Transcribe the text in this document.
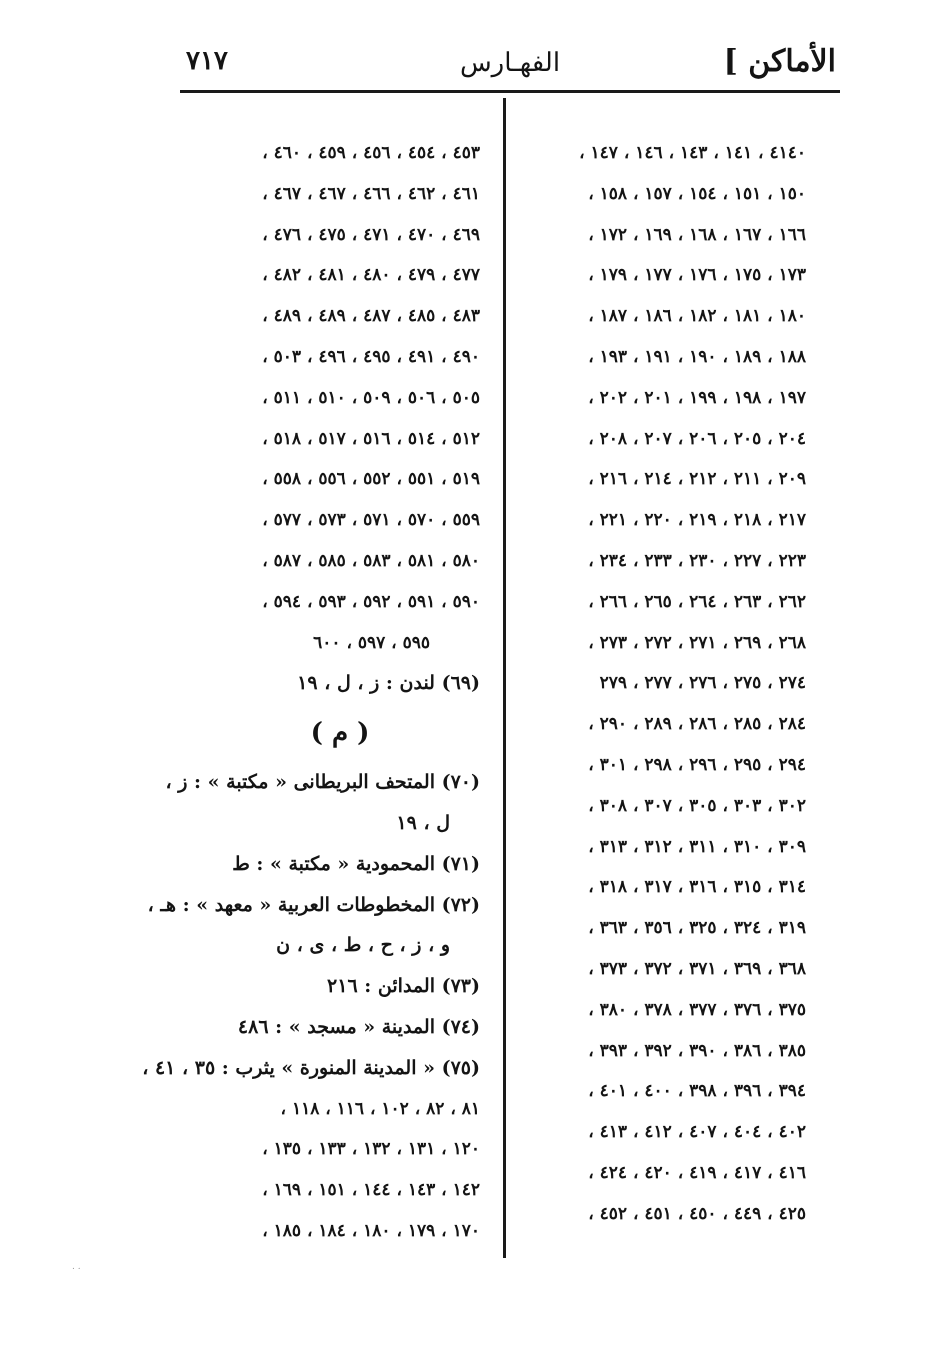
الأماكن ]
الفهـارس
٧١٧
٤١٤٠ ، ١٤١ ، ١٤٣ ، ١٤٦ ، ١٤٧ ،
١٥٠ ، ١٥١ ، ١٥٤ ، ١٥٧ ، ١٥٨ ،
١٦٦ ، ١٦٧ ، ١٦٨ ، ١٦٩ ، ١٧٢ ،
١٧٣ ، ١٧٥ ، ١٧٦ ، ١٧٧ ، ١٧٩ ،
١٨٠ ، ١٨١ ، ١٨٢ ، ١٨٦ ، ١٨٧ ،
١٨٨ ، ١٨٩ ، ١٩٠ ، ١٩١ ، ١٩٣ ،
١٩٧ ، ١٩٨ ، ١٩٩ ، ٢٠١ ، ٢٠٢ ،
٢٠٤ ، ٢٠٥ ، ٢٠٦ ، ٢٠٧ ، ٢٠٨ ،
٢٠٩ ، ٢١١ ، ٢١٢ ، ٢١٤ ، ٢١٦ ،
٢١٧ ، ٢١٨ ، ٢١٩ ، ٢٢٠ ، ٢٢١ ،
٢٢٣ ، ٢٢٧ ، ٢٣٠ ، ٢٣٣ ، ٢٣٤ ،
٢٦٢ ، ٢٦٣ ، ٢٦٤ ، ٢٦٥ ، ٢٦٦ ،
٢٦٨ ، ٢٦٩ ، ٢٧١ ، ٢٧٢ ، ٢٧٣ ،
٢٧٤ ، ٢٧٥ ، ٢٧٦ ، ٢٧٧ ، ٢٧٩
٢٨٤ ، ٢٨٥ ، ٢٨٦ ، ٢٨٩ ، ٢٩٠ ،
٢٩٤ ، ٢٩٥ ، ٢٩٦ ، ٢٩٨ ، ٣٠١ ،
٣٠٢ ، ٣٠٣ ، ٣٠٥ ، ٣٠٧ ، ٣٠٨ ،
٣٠٩ ، ٣١٠ ، ٣١١ ، ٣١٢ ، ٣١٣ ،
٣١٤ ، ٣١٥ ، ٣١٦ ، ٣١٧ ، ٣١٨ ،
٣١٩ ، ٣٢٤ ، ٣٢٥ ، ٣٥٦ ، ٣٦٣ ،
٣٦٨ ، ٣٦٩ ، ٣٧١ ، ٣٧٢ ، ٣٧٣ ،
٣٧٥ ، ٣٧٦ ، ٣٧٧ ، ٣٧٨ ، ٣٨٠ ،
٣٨٥ ، ٣٨٦ ، ٣٩٠ ، ٣٩٢ ، ٣٩٣ ،
٣٩٤ ، ٣٩٦ ، ٣٩٨ ، ٤٠٠ ، ٤٠١ ،
٤٠٢ ، ٤٠٤ ، ٤٠٧ ، ٤١٢ ، ٤١٣ ،
٤١٦ ، ٤١٧ ، ٤١٩ ، ٤٢٠ ، ٤٢٤ ،
٤٢٥ ، ٤٤٩ ، ٤٥٠ ، ٤٥١ ، ٤٥٢ ،
٤٥٣ ، ٤٥٤ ، ٤٥٦ ، ٤٥٩ ، ٤٦٠ ،
٤٦١ ، ٤٦٢ ، ٤٦٦ ، ٤٦٧ ، ٤٦٧ ،
٤٦٩ ، ٤٧٠ ، ٤٧١ ، ٤٧٥ ، ٤٧٦ ،
٤٧٧ ، ٤٧٩ ، ٤٨٠ ، ٤٨١ ، ٤٨٢ ،
٤٨٣ ، ٤٨٥ ، ٤٨٧ ، ٤٨٩ ، ٤٨٩ ،
٤٩٠ ، ٤٩١ ، ٤٩٥ ، ٤٩٦ ، ٥٠٣ ،
٥٠٥ ، ٥٠٦ ، ٥٠٩ ، ٥١٠ ، ٥١١ ،
٥١٢ ، ٥١٤ ، ٥١٦ ، ٥١٧ ، ٥١٨ ،
٥١٩ ، ٥٥١ ، ٥٥٢ ، ٥٥٦ ، ٥٥٨ ،
٥٥٩ ، ٥٧٠ ، ٥٧١ ، ٥٧٣ ، ٥٧٧ ،
٥٨٠ ، ٥٨١ ، ٥٨٣ ، ٥٨٥ ، ٥٨٧ ،
٥٩٠ ، ٥٩١ ، ٥٩٢ ، ٥٩٣ ، ٥٩٤ ،
٥٩٥ ، ٥٩٧ ، ٦٠٠
(٦٩) لندن : ز ، ل ، ١٩
( م )
(٧٠) المتحف البريطانى « مكتبة » : ز ،
ل ، ١٩
(٧١) المحمودية « مكتبة » : ط
(٧٢) المخطوطات العربية « معهد » : هـ ،
و ، ز ، ح ، ط ، ى ، ن
(٧٣) المدائن : ٢١٦
(٧٤) المدينة « مسجد » : ٤٨٦
(٧٥) « المدينة المنورة » يثرب : ٣٥ ، ٤١ ،
٨١ ، ٨٢ ، ١٠٢ ، ١١٦ ، ١١٨ ،
١٢٠ ، ١٣١ ، ١٣٢ ، ١٣٣ ، ١٣٥ ،
١٤٢ ، ١٤٣ ، ١٤٤ ، ١٥١ ، ١٦٩ ،
١٧٠ ، ١٧٩ ، ١٨٠ ، ١٨٤ ، ١٨٥ ،
. .
